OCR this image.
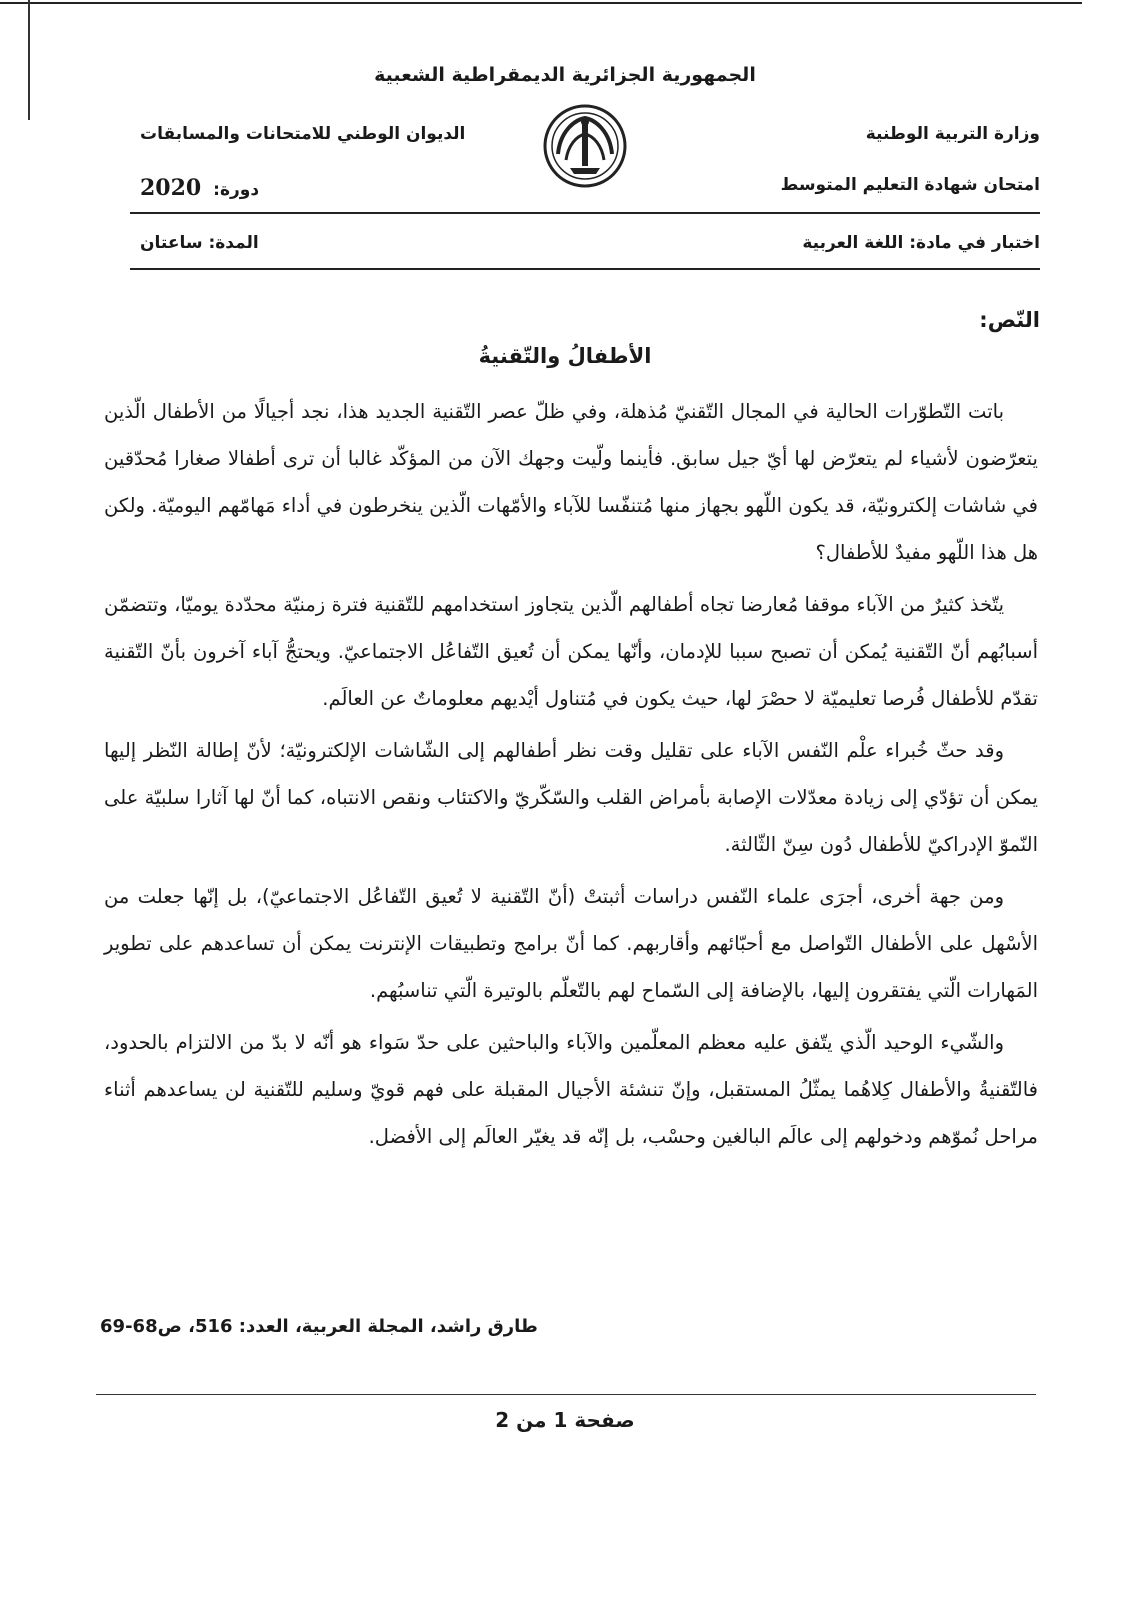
الجمهورية الجزائرية الديمقراطية الشعبية
وزارة التربية الوطنية
الديوان الوطني للامتحانات والمسابقات
امتحان شهادة التعليم المتوسط
دورة: 2020
اختبار في مادة: اللغة العربية
المدة: ساعتان
النّص:
الأطفالُ والتّقنيةُ

باتت التّطوّرات الحالية في المجال التّقنيّ مُذهلة، وفي ظلّ عصر التّقنية الجديد هذا، نجد أجيالًا من الأطفال الّذين يتعرّضون لأشياء لم يتعرّض لها أيّ جيل سابق. فأينما ولّيت وجهك الآن من المؤكّد غالبا أن ترى أطفالا صغارا مُحدّقين في شاشات إلكترونيّة، قد يكون اللّهو بجهاز منها مُتنفّسا للآباء والأمّهات الّذين ينخرطون في أداء مَهامّهم اليوميّة. ولكن هل هذا اللّهو مفيدٌ للأطفال؟

يتّخذ كثيرٌ من الآباء موقفا مُعارضا تجاه أطفالهم الّذين يتجاوز استخدامهم للتّقنية فترة زمنيّة محدّدة يوميّا، وتتضمّن أسبابُهم أنّ التّقنية يُمكن أن تصبح سببا للإدمان، وأنّها يمكن أن تُعيق التّفاعُل الاجتماعيّ. ويحتجُّ آباء آخرون بأنّ التّقنية تقدّم للأطفال فُرصا تعليميّة لا حصْرَ لها، حيث يكون في مُتناول أيْديهم معلوماتٌ عن العالَم.

وقد حثّ خُبراء علْم النّفس الآباء على تقليل وقت نظر أطفالهم إلى الشّاشات الإلكترونيّة؛ لأنّ إطالة النّظر إليها يمكن أن تؤدّي إلى زيادة معدّلات الإصابة بأمراض القلب والسّكّريّ والاكتئاب ونقص الانتباه، كما أنّ لها آثارا سلبيّة على النّموّ الإدراكيّ للأطفال دُون سِنّ الثّالثة.

ومن جهة أخرى، أجرَى علماء النّفس دراسات أثبتتْ (أنّ التّقنية لا تُعيق التّفاعُل الاجتماعيّ)، بل إنّها جعلت من الأسْهل على الأطفال التّواصل مع أحبّائهم وأقاربهم. كما أنّ برامج وتطبيقات الإنترنت يمكن أن تساعدهم على تطوير المَهارات الّتي يفتقرون إليها، بالإضافة إلى السّماح لهم بالتّعلّم بالوتيرة الّتي تناسبُهم.

والشّيء الوحيد الّذي يتّفق عليه معظم المعلّمين والآباء والباحثين على حدّ سَواء هو أنّه لا بدّ من الالتزام بالحدود، فالتّقنيةُ والأطفال كِلاهُما يمثّلُ المستقبل، وإنّ تنشئة الأجيال المقبلة على فهم قويّ وسليم للتّقنية لن يساعدهم أثناء مراحل نُموّهم ودخولهم إلى عالَم البالغين وحسْب، بل إنّه قد يغيّر العالَم إلى الأفضل.

طارق راشد، المجلة العربية، العدد: 516، ص68-69
صفحة 1 من 2
